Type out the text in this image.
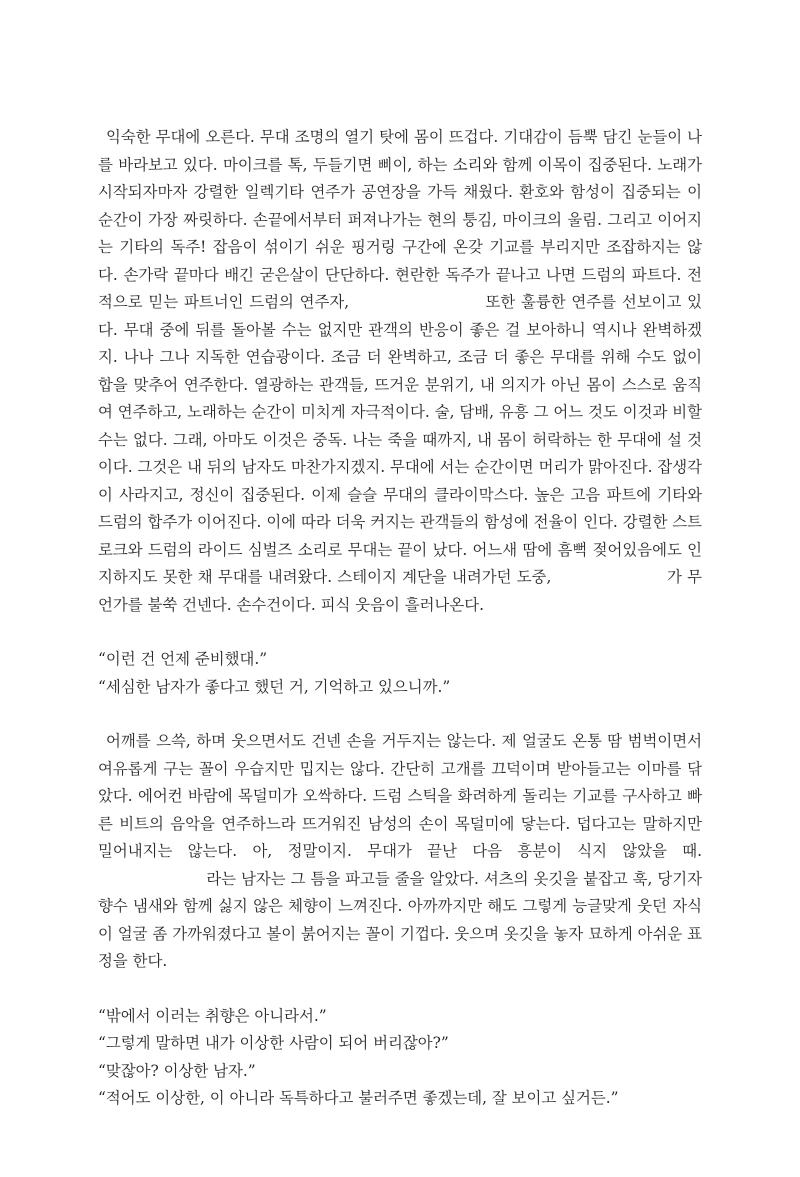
익숙한 무대에 오른다. 무대 조명의 열기 탓에 몸이 뜨겁다. 기대감이 듬뿍 담긴 눈들이 나를 바라보고 있다. 마이크를 톡, 두들기면 삐이, 하는 소리와 함께 이목이 집중된다. 노래가 시작되자마자 강렬한 일렉기타 연주가 공연장을 가득 채웠다. 환호와 함성이 집중되는 이 순간이 가장 짜릿하다. 손끝에서부터 퍼져나가는 현의 퉁김, 마이크의 울림. 그리고 이어지는 기타의 독주! 잡음이 섞이기 쉬운 핑거링 구간에 온갖 기교를 부리지만 조잡하지는 않다. 손가락 끝마다 배긴 굳은살이 단단하다. 현란한 독주가 끝나고 나면 드럼의 파트다. 전적으로 믿는 파트너인 드럼의 연주자, 　　　　　　　　또한 훌륭한 연주를 선보이고 있다. 무대 중에 뒤를 돌아볼 수는 없지만 관객의 반응이 좋은 걸 보아하니 역시나 완벽하겠지. 나나 그나 지독한 연습광이다. 조금 더 완벽하고, 조금 더 좋은 무대를 위해 수도 없이 합을 맞추어 연주한다. 열광하는 관객들, 뜨거운 분위기, 내 의지가 아닌 몸이 스스로 움직여 연주하고, 노래하는 순간이 미치게 자극적이다. 술, 담배, 유흥 그 어느 것도 이것과 비할 수는 없다. 그래, 아마도 이것은 중독. 나는 죽을 때까지, 내 몸이 허락하는 한 무대에 설 것이다. 그것은 내 뒤의 남자도 마찬가지겠지. 무대에 서는 순간이면 머리가 맑아진다. 잡생각이 사라지고, 정신이 집중된다. 이제 슬슬 무대의 클라이막스다. 높은 고음 파트에 기타와 드럼의 합주가 이어진다. 이에 따라 더욱 커지는 관객들의 함성에 전율이 인다. 강렬한 스트로크와 드럼의 라이드 심벌즈 소리로 무대는 끝이 났다. 어느새 땀에 흠뻑 젖어있음에도 인지하지도 못한 채 무대를 내려왔다. 스테이지 계단을 내려가던 도중, 　　　　　　　가 무언가를 불쑥 건넨다. 손수건이다. 피식 웃음이 흘러나온다.

“이런 건 언제 준비했대.”

“세심한 남자가 좋다고 했던 거, 기억하고 있으니까.”

어깨를 으쓱, 하며 웃으면서도 건넨 손을 거두지는 않는다. 제 얼굴도 온통 땀 범벅이면서 여유롭게 구는 꼴이 우습지만 밉지는 않다. 간단히 고개를 끄덕이며 받아들고는 이마를 닦았다. 에어컨 바람에 목덜미가 오싹하다. 드럼 스틱을 화려하게 돌리는 기교를 구사하고 빠른 비트의 음악을 연주하느라 뜨거워진 남성의 손이 목덜미에 닿는다. 덥다고는 말하지만 밀어내지는 않는다. 아, 정말이지. 무대가 끝난 다음 흥분이 식지 않았을 때. 　　　　　　　라는 남자는 그 틈을 파고들 줄을 알았다. 셔츠의 옷깃을 붙잡고 훅, 당기자 향수 냄새와 함께 싫지 않은 체향이 느껴진다. 아까까지만 해도 그렇게 능글맞게 웃던 자식이 얼굴 좀 가까워졌다고 볼이 붉어지는 꼴이 기껍다. 웃으며 옷깃을 놓자 묘하게 아쉬운 표정을 한다.

“밖에서 이러는 취향은 아니라서.”

“그렇게 말하면 내가 이상한 사람이 되어 버리잖아?”

“맞잖아? 이상한 남자.”

“적어도 이상한, 이 아니라 독특하다고 불러주면 좋겠는데, 잘 보이고 싶거든.”
